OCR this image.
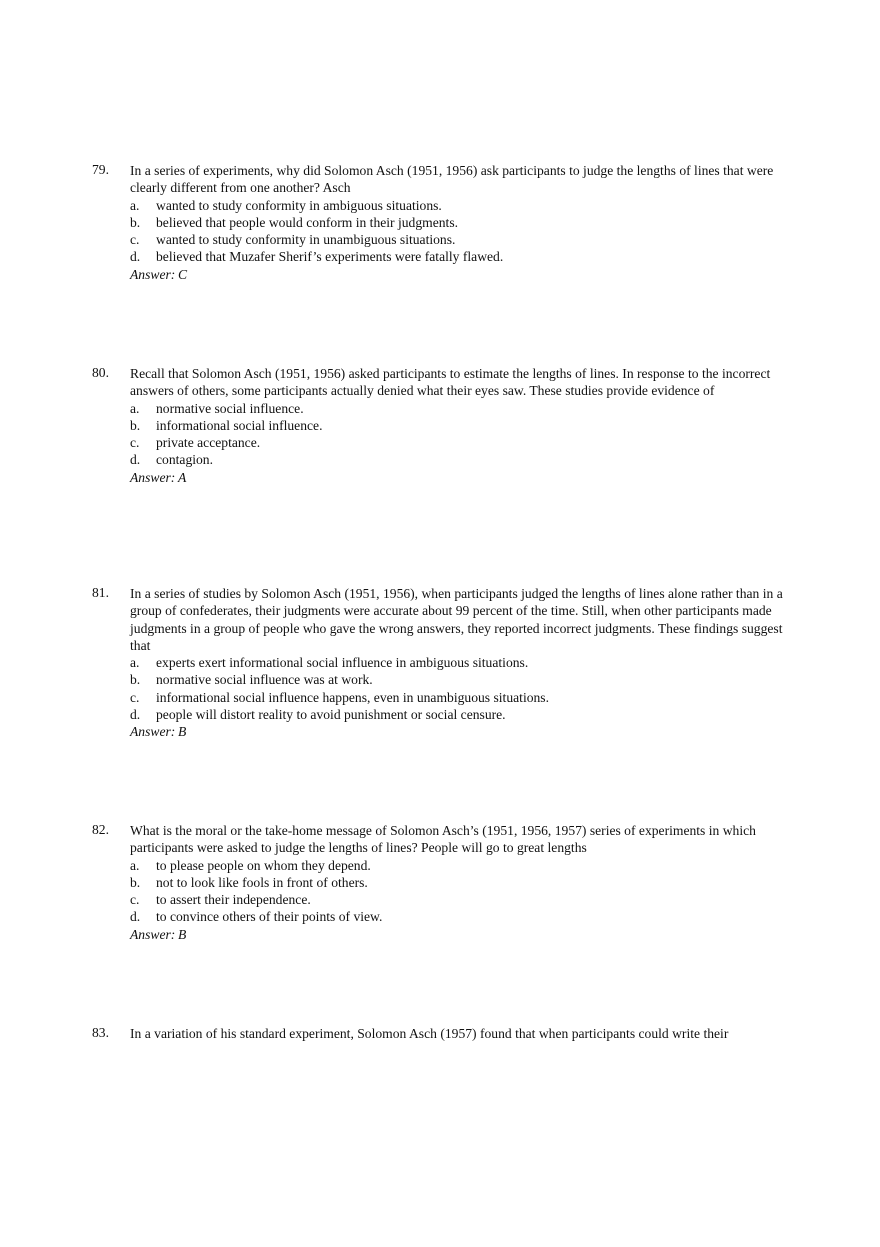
79.	In a series of experiments, why did Solomon Asch (1951, 1956) ask participants to judge the lengths of lines that were clearly different from one another? Asch
a.	wanted to study conformity in ambiguous situations.
b.	believed that people would conform in their judgments.
c.	wanted to study conformity in unambiguous situations.
d.	believed that Muzafer Sherif’s experiments were fatally flawed.
Answer: C
80.	Recall that Solomon Asch (1951, 1956) asked participants to estimate the lengths of lines. In response to the incorrect answers of others, some participants actually denied what their eyes saw. These studies provide evidence of
a.	normative social influence.
b.	informational social influence.
c.	private acceptance.
d.	contagion.
Answer: A
81.	In a series of studies by Solomon Asch (1951, 1956), when participants judged the lengths of lines alone rather than in a group of confederates, their judgments were accurate about 99 percent of the time. Still, when other participants made judgments in a group of people who gave the wrong answers, they reported incorrect judgments. These findings suggest that
a.	experts exert informational social influence in ambiguous situations.
b.	normative social influence was at work.
c.	informational social influence happens, even in unambiguous situations.
d.	people will distort reality to avoid punishment or social censure.
Answer: B
82.	What is the moral or the take-home message of Solomon Asch’s (1951, 1956, 1957) series of experiments in which participants were asked to judge the lengths of lines? People will go to great lengths
a.	to please people on whom they depend.
b.	not to look like fools in front of others.
c.	to assert their independence.
d.	to convince others of their points of view.
Answer: B
83.	In a variation of his standard experiment, Solomon Asch (1957) found that when participants could write their
